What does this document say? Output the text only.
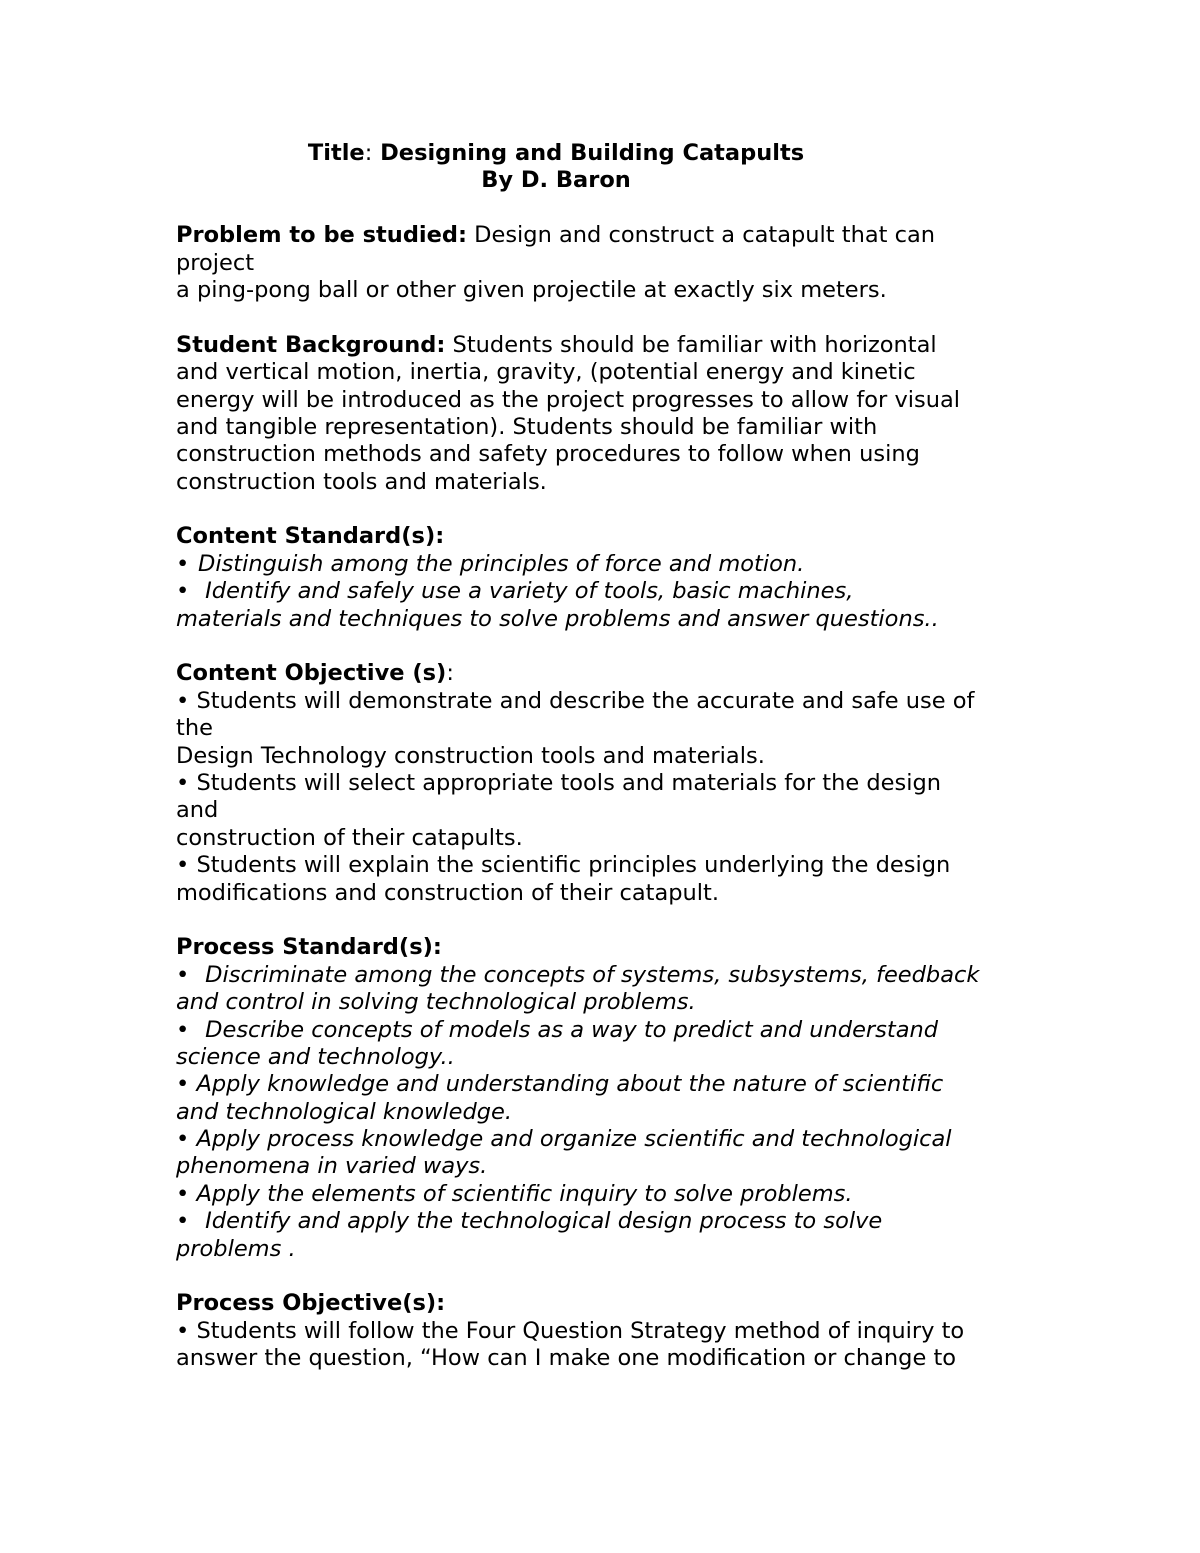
Title: Designing and Building Catapults
By D. Baron
Problem to be studied: Design and construct a catapult that can
project
a ping-pong ball or other given projectile at exactly six meters.
Student Background: Students should be familiar with horizontal
and vertical motion, inertia, gravity, (potential energy and kinetic
energy will be introduced as the project progresses to allow for visual
and tangible representation). Students should be familiar with
construction methods and safety procedures to follow when using
construction tools and materials.
Content Standard(s):
• Distinguish among the principles of force and motion.
•  Identify and safely use a variety of tools, basic machines,
materials and techniques to solve problems and answer questions..
Content Objective (s):
• Students will demonstrate and describe the accurate and safe use of
the
Design Technology construction tools and materials.
• Students will select appropriate tools and materials for the design
and
construction of their catapults.
• Students will explain the scientific principles underlying the design
modifications and construction of their catapult.
Process Standard(s):
•  Discriminate among the concepts of systems, subsystems, feedback
and control in solving technological problems.
•  Describe concepts of models as a way to predict and understand
science and technology..
• Apply knowledge and understanding about the nature of scientific
and technological knowledge.
• Apply process knowledge and organize scientific and technological
phenomena in varied ways.
• Apply the elements of scientific inquiry to solve problems.
•  Identify and apply the technological design process to solve
problems .
Process Objective(s):
• Students will follow the Four Question Strategy method of inquiry to
answer the question, “How can I make one modification or change to
